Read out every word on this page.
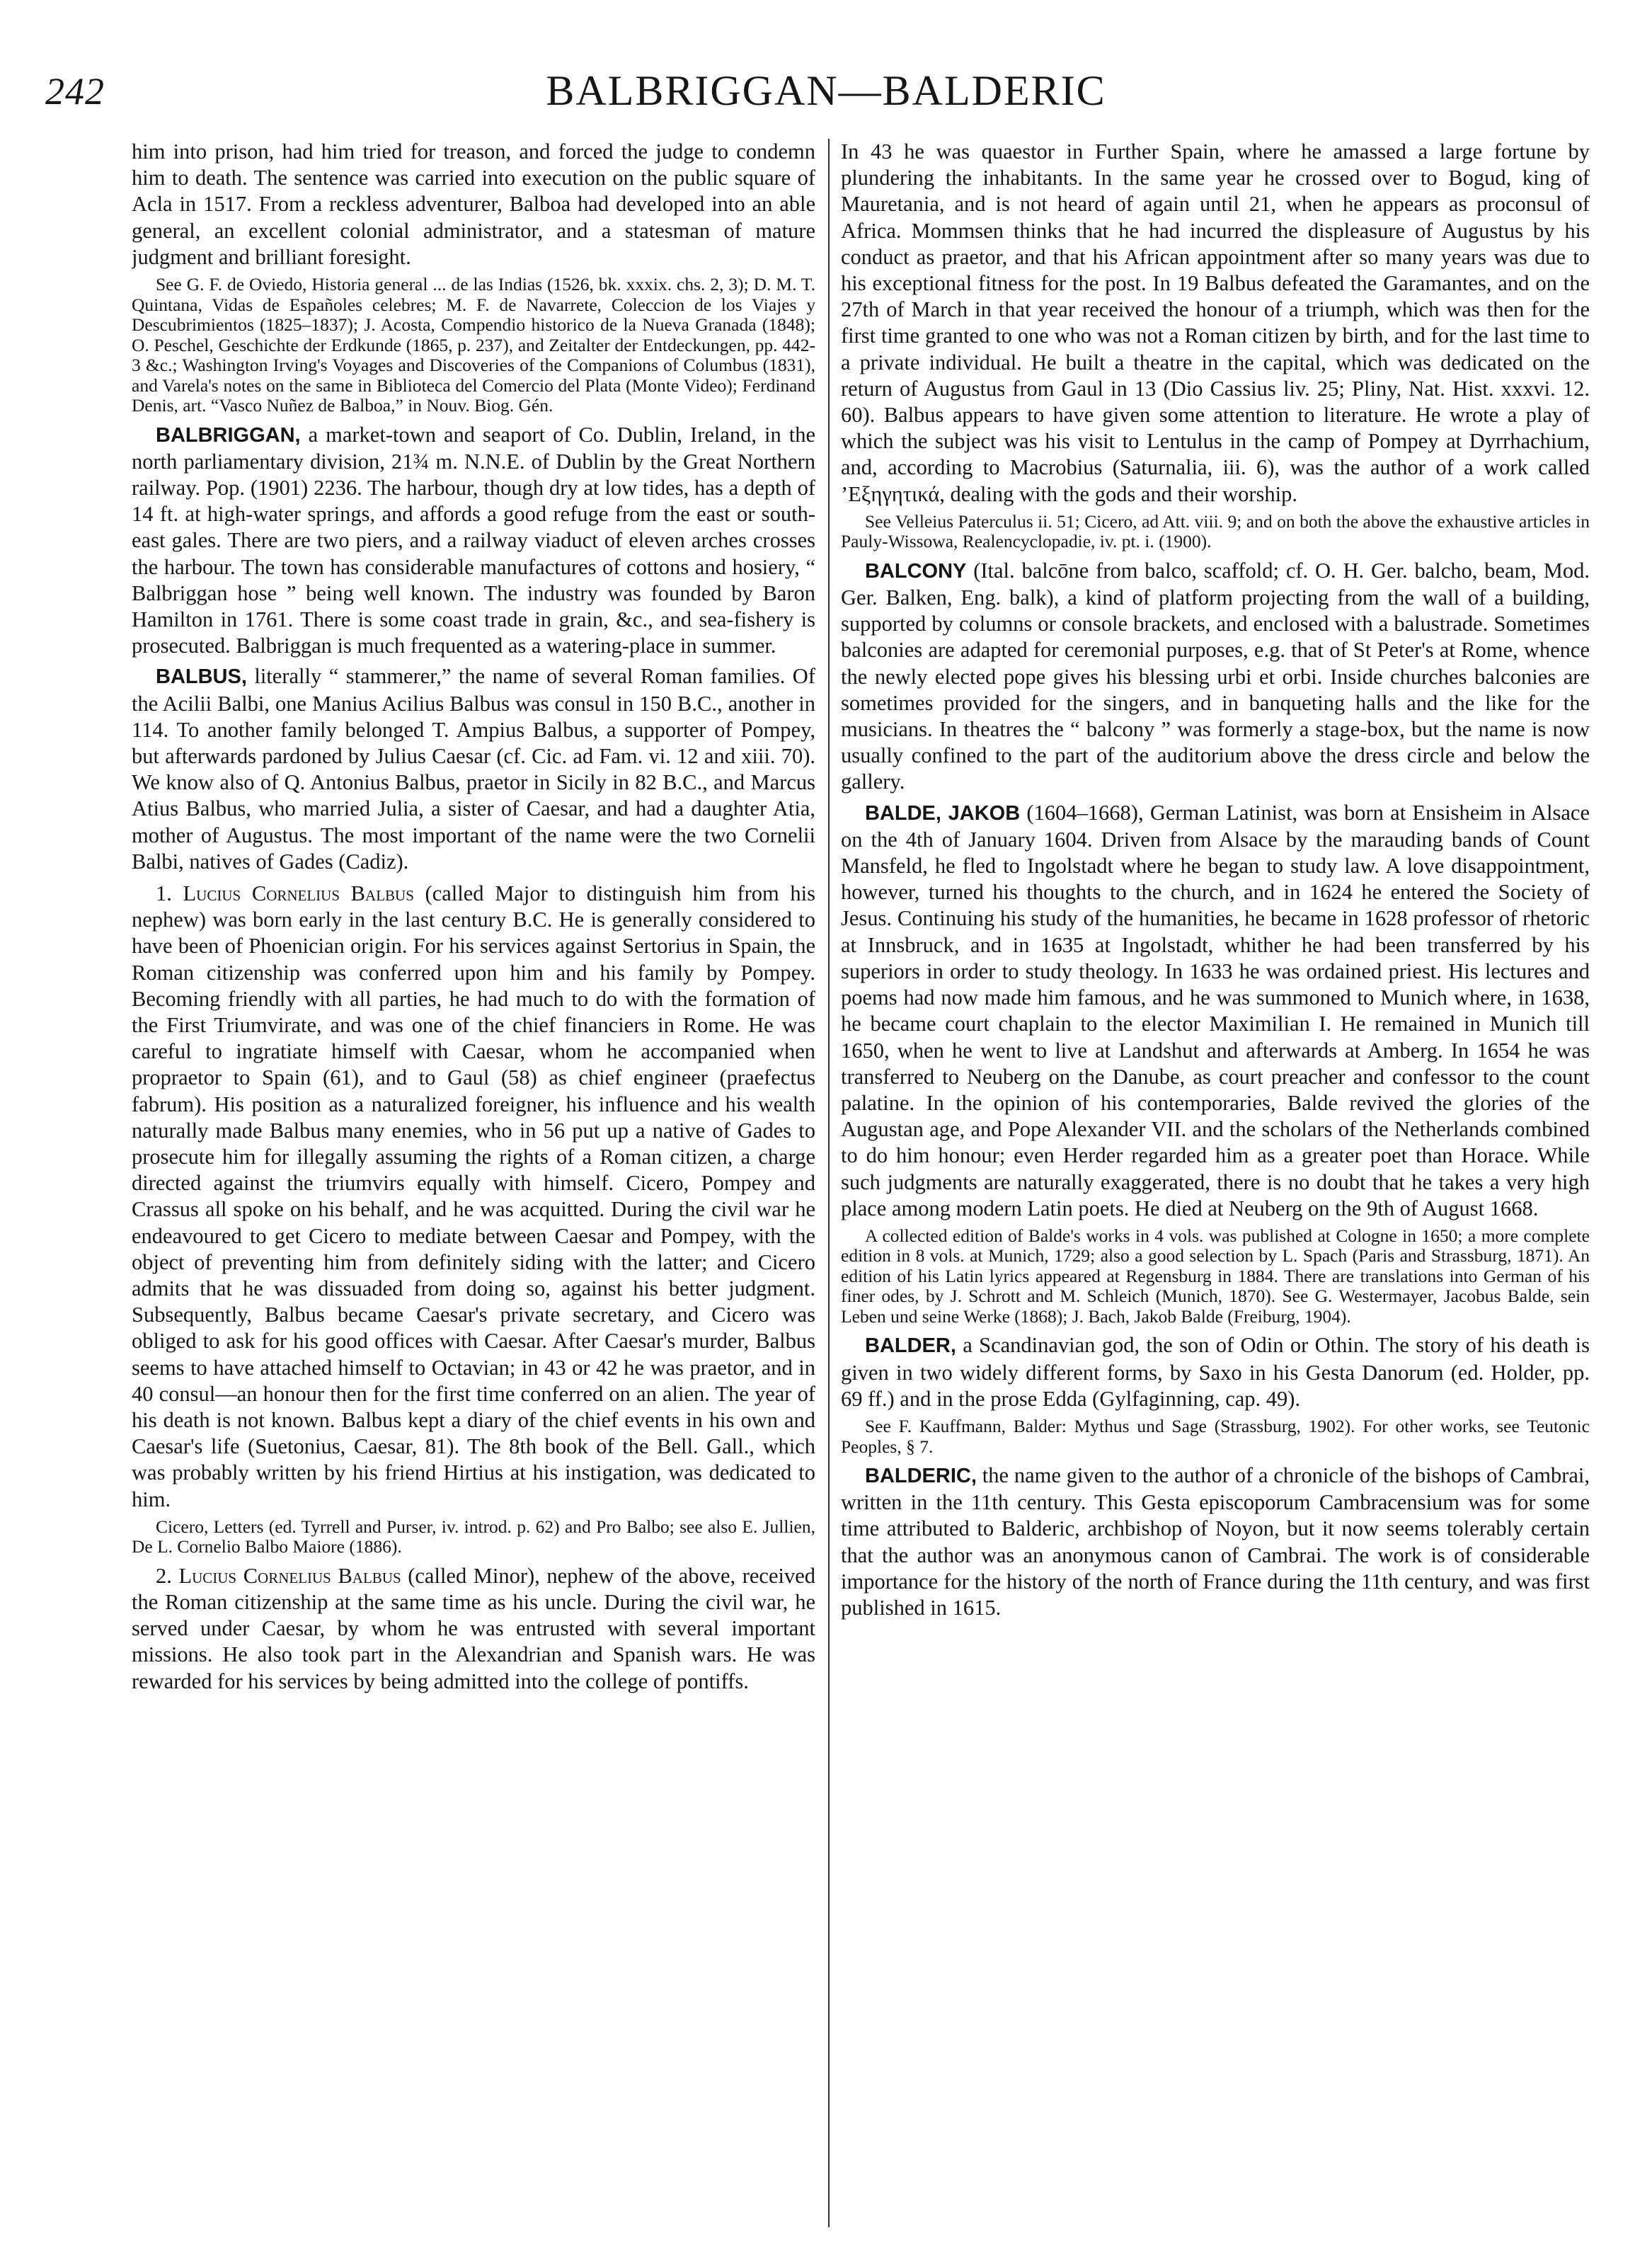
242	BALBRIGGAN—BALDERIC

him into prison, had him tried for treason, and forced the judge to condemn him to death. The sentence was carried into execution on the public square of Acla in 1517. From a reckless adventurer, Balboa had developed into an able general, an excellent colonial administrator, and a statesman of mature judgment and brilliant foresight.

See G. F. de Oviedo, Historia general ... de las Indias (1526, bk. xxxix. chs. 2, 3); D. M. T. Quintana, Vidas de Españoles celebres; M. F. de Navarrete, Coleccion de los Viajes y Descubrimientos (1825–1837); J. Acosta, Compendio historico de la Nueva Granada (1848); O. Peschel, Geschichte der Erdkunde (1865, p. 237), and Zeitalter der Entdeckungen, pp. 442-3 &c.; Washington Irving's Voyages and Discoveries of the Companions of Columbus (1831), and Varela's notes on the same in Biblioteca del Comercio del Plata (Monte Video); Ferdinand Denis, art. “Vasco Nuñez de Balboa,” in Nouv. Biog. Gén.

BALBRIGGAN, a market-town and seaport of Co. Dublin, Ireland, in the north parliamentary division, 21¾ m. N.N.E. of Dublin by the Great Northern railway. Pop. (1901) 2236. The harbour, though dry at low tides, has a depth of 14 ft. at high-water springs, and affords a good refuge from the east or south-east gales. There are two piers, and a railway viaduct of eleven arches crosses the harbour. The town has considerable manufactures of cottons and hosiery, “ Balbriggan hose ” being well known. The industry was founded by Baron Hamilton in 1761. There is some coast trade in grain, &c., and sea-fishery is prosecuted. Balbriggan is much frequented as a watering-place in summer.

BALBUS, literally “ stammerer,” the name of several Roman families. Of the Acilii Balbi, one Manius Acilius Balbus was consul in 150 B.C., another in 114. To another family belonged T. Ampius Balbus, a supporter of Pompey, but afterwards pardoned by Julius Caesar (cf. Cic. ad Fam. vi. 12 and xiii. 70). We know also of Q. Antonius Balbus, praetor in Sicily in 82 B.C., and Marcus Atius Balbus, who married Julia, a sister of Caesar, and had a daughter Atia, mother of Augustus. The most important of the name were the two Cornelii Balbi, natives of Gades (Cadiz).

1. Lucius Cornelius Balbus (called Major to distinguish him from his nephew) was born early in the last century B.C. He is generally considered to have been of Phoenician origin. For his services against Sertorius in Spain, the Roman citizenship was conferred upon him and his family by Pompey. Becoming friendly with all parties, he had much to do with the formation of the First Triumvirate, and was one of the chief financiers in Rome. He was careful to ingratiate himself with Caesar, whom he accompanied when propraetor to Spain (61), and to Gaul (58) as chief engineer (praefectus fabrum). His position as a naturalized foreigner, his influence and his wealth naturally made Balbus many enemies, who in 56 put up a native of Gades to prosecute him for illegally assuming the rights of a Roman citizen, a charge directed against the triumvirs equally with himself. Cicero, Pompey and Crassus all spoke on his behalf, and he was acquitted. During the civil war he endeavoured to get Cicero to mediate between Caesar and Pompey, with the object of preventing him from definitely siding with the latter; and Cicero admits that he was dissuaded from doing so, against his better judgment. Subsequently, Balbus became Caesar's private secretary, and Cicero was obliged to ask for his good offices with Caesar. After Caesar's murder, Balbus seems to have attached himself to Octavian; in 43 or 42 he was praetor, and in 40 consul—an honour then for the first time conferred on an alien. The year of his death is not known. Balbus kept a diary of the chief events in his own and Caesar's life (Suetonius, Caesar, 81). The 8th book of the Bell. Gall., which was probably written by his friend Hirtius at his instigation, was dedicated to him.

Cicero, Letters (ed. Tyrrell and Purser, iv. introd. p. 62) and Pro Balbo; see also E. Jullien, De L. Cornelio Balbo Maiore (1886).

2. Lucius Cornelius Balbus (called Minor), nephew of the above, received the Roman citizenship at the same time as his uncle. During the civil war, he served under Caesar, by whom he was entrusted with several important missions. He also took part in the Alexandrian and Spanish wars. He was rewarded for his services by being admitted into the college of pontiffs.

In 43 he was quaestor in Further Spain, where he amassed a large fortune by plundering the inhabitants. In the same year he crossed over to Bogud, king of Mauretania, and is not heard of again until 21, when he appears as proconsul of Africa. Mommsen thinks that he had incurred the displeasure of Augustus by his conduct as praetor, and that his African appointment after so many years was due to his exceptional fitness for the post. In 19 Balbus defeated the Garamantes, and on the 27th of March in that year received the honour of a triumph, which was then for the first time granted to one who was not a Roman citizen by birth, and for the last time to a private individual. He built a theatre in the capital, which was dedicated on the return of Augustus from Gaul in 13 (Dio Cassius liv. 25; Pliny, Nat. Hist. xxxvi. 12. 60). Balbus appears to have given some attention to literature. He wrote a play of which the subject was his visit to Lentulus in the camp of Pompey at Dyrrhachium, and, according to Macrobius (Saturnalia, iii. 6), was the author of a work called ’Eξηγητικά, dealing with the gods and their worship.

See Velleius Paterculus ii. 51; Cicero, ad Att. viii. 9; and on both the above the exhaustive articles in Pauly-Wissowa, Realencyclopadie, iv. pt. i. (1900).

BALCONY (Ital. balcōne from balco, scaffold; cf. O. H. Ger. balcho, beam, Mod. Ger. Balken, Eng. balk), a kind of platform projecting from the wall of a building, supported by columns or console brackets, and enclosed with a balustrade. Sometimes balconies are adapted for ceremonial purposes, e.g. that of St Peter's at Rome, whence the newly elected pope gives his blessing urbi et orbi. Inside churches balconies are sometimes provided for the singers, and in banqueting halls and the like for the musicians. In theatres the “ balcony ” was formerly a stage-box, but the name is now usually confined to the part of the auditorium above the dress circle and below the gallery.

BALDE, JAKOB (1604–1668), German Latinist, was born at Ensisheim in Alsace on the 4th of January 1604. Driven from Alsace by the marauding bands of Count Mansfeld, he fled to Ingolstadt where he began to study law. A love disappointment, however, turned his thoughts to the church, and in 1624 he entered the Society of Jesus. Continuing his study of the humanities, he became in 1628 professor of rhetoric at Innsbruck, and in 1635 at Ingolstadt, whither he had been transferred by his superiors in order to study theology. In 1633 he was ordained priest. His lectures and poems had now made him famous, and he was summoned to Munich where, in 1638, he became court chaplain to the elector Maximilian I. He remained in Munich till 1650, when he went to live at Landshut and afterwards at Amberg. In 1654 he was transferred to Neuberg on the Danube, as court preacher and confessor to the count palatine. In the opinion of his contemporaries, Balde revived the glories of the Augustan age, and Pope Alexander VII. and the scholars of the Netherlands combined to do him honour; even Herder regarded him as a greater poet than Horace. While such judgments are naturally exaggerated, there is no doubt that he takes a very high place among modern Latin poets. He died at Neuberg on the 9th of August 1668.

A collected edition of Balde's works in 4 vols. was published at Cologne in 1650; a more complete edition in 8 vols. at Munich, 1729; also a good selection by L. Spach (Paris and Strassburg, 1871). An edition of his Latin lyrics appeared at Regensburg in 1884. There are translations into German of his finer odes, by J. Schrott and M. Schleich (Munich, 1870). See G. Westermayer, Jacobus Balde, sein Leben und seine Werke (1868); J. Bach, Jakob Balde (Freiburg, 1904).

BALDER, a Scandinavian god, the son of Odin or Othin. The story of his death is given in two widely different forms, by Saxo in his Gesta Danorum (ed. Holder, pp. 69 ff.) and in the prose Edda (Gylfaginning, cap. 49).

See F. Kauffmann, Balder: Mythus und Sage (Strassburg, 1902). For other works, see Teutonic Peoples, § 7.

BALDERIC, the name given to the author of a chronicle of the bishops of Cambrai, written in the 11th century. This Gesta episcoporum Cambracensium was for some time attributed to Balderic, archbishop of Noyon, but it now seems tolerably certain that the author was an anonymous canon of Cambrai. The work is of considerable importance for the history of the north of France during the 11th century, and was first published in 1615.
